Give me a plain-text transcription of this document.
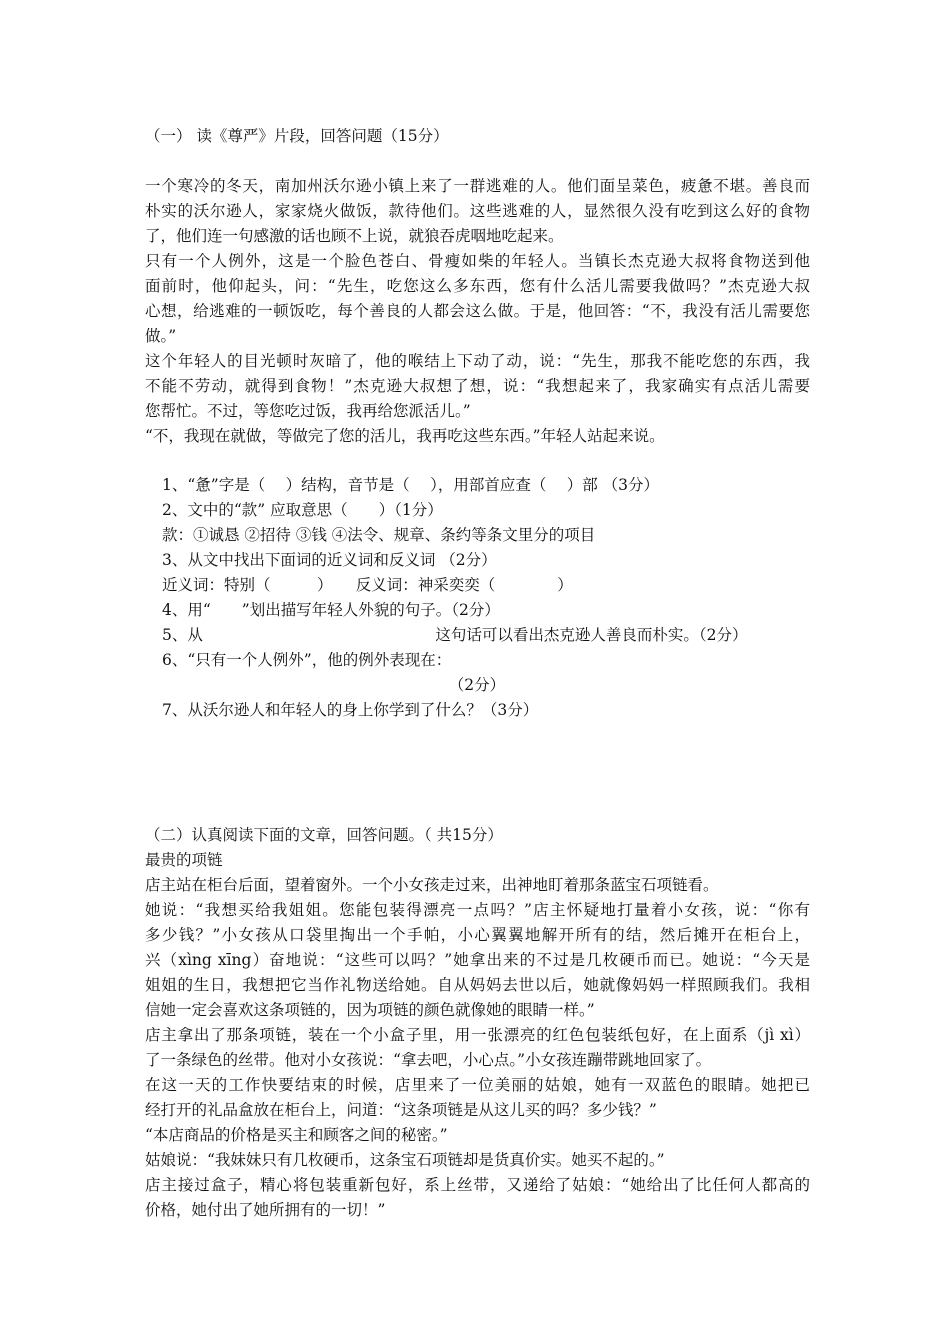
（一） 读《尊严》片段，回答问题（15分）
一个寒冷的冬天，南加州沃尔逊小镇上来了一群逃难的人。他们面呈菜色，疲惫不堪。善良而
朴实的沃尔逊人，家家烧火做饭，款待他们。这些逃难的人，显然很久没有吃到这么好的食物
了，他们连一句感激的话也顾不上说，就狼吞虎咽地吃起来。
只有一个人例外，这是一个脸色苍白、骨瘦如柴的年轻人。当镇长杰克逊大叔将食物送到他
面前时，他仰起头，问：“先生，吃您这么多东西，您有什么活儿需要我做吗？”杰克逊大叔
心想，给逃难的一顿饭吃，每个善良的人都会这么做。于是，他回答：“不，我没有活儿需要您
做。”
这个年轻人的目光顿时灰暗了，他的喉结上下动了动，说：“先生，那我不能吃您的东西，我
不能不劳动，就得到食物！”杰克逊大叔想了想，说：“我想起来了，我家确实有点活儿需要
您帮忙。不过，等您吃过饭，我再给您派活儿。”
“不，我现在就做，等做完了您的活儿，我再吃这些东西。”年轻人站起来说。
1、“惫”字是（　 ）结构，音节是（　 ），用部首应查（　 ）部 （3分）
2、文中的“款” 应取意思（　　）（1分）
款：①诚恳 ②招待 ③钱 ④法令、规章、条约等条文里分的项目
3、从文中找出下面词的近义词和反义词 （2分）
近义词：特别（　　　）　　反义词：神采奕奕（　　　　）
4、用“　　”划出描写年轻人外貌的句子。（2分）
5、从　　　　　　　　　　　　　　　这句话可以看出杰克逊人善良而朴实。（2分）
6、“只有一个人例外”，他的例外表现在：
　　　　　　　　　　　　　　　　　　　（2分）
7、从沃尔逊人和年轻人的身上你学到了什么？（3分）
（二）认真阅读下面的文章，回答问题。（ 共15分）
最贵的项链
店主站在柜台后面，望着窗外。一个小女孩走过来，出神地盯着那条蓝宝石项链看。
她说：“我想买给我姐姐。您能包装得漂亮一点吗？”店主怀疑地打量着小女孩，说：“你有
多少钱？”小女孩从口袋里掏出一个手帕，小心翼翼地解开所有的结，然后摊开在柜台上，
兴（xìng xīng）奋地说：“这些可以吗？”她拿出来的不过是几枚硬币而已。她说：“今天是
姐姐的生日，我想把它当作礼物送给她。自从妈妈去世以后，她就像妈妈一样照顾我们。我相
信她一定会喜欢这条项链的，因为项链的颜色就像她的眼睛一样。”
店主拿出了那条项链，装在一个小盒子里，用一张漂亮的红色包装纸包好，在上面系（jì xì）
了一条绿色的丝带。他对小女孩说：“拿去吧，小心点。”小女孩连蹦带跳地回家了。
在这一天的工作快要结束的时候，店里来了一位美丽的姑娘，她有一双蓝色的眼睛。她把已
经打开的礼品盒放在柜台上，问道：“这条项链是从这儿买的吗？多少钱？”
“本店商品的价格是买主和顾客之间的秘密。”
姑娘说：“我妹妹只有几枚硬币，这条宝石项链却是货真价实。她买不起的。”
店主接过盒子，精心将包装重新包好，系上丝带，又递给了姑娘：“她给出了比任何人都高的
价格，她付出了她所拥有的一切！”
